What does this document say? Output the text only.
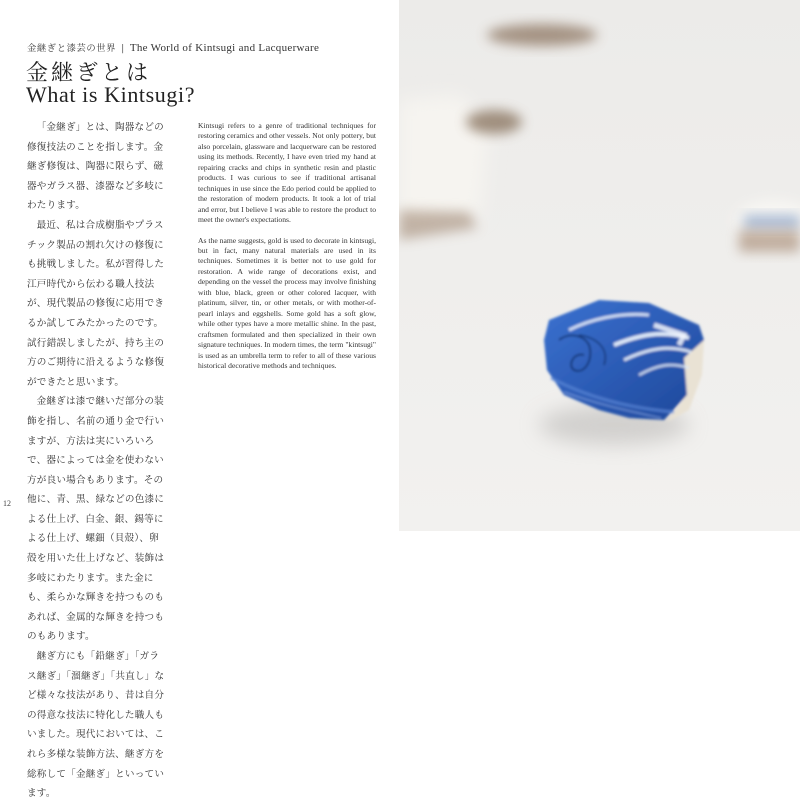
金継ぎと漆芸の世界 | The World of Kintsugi and Lacquerware
金継ぎとは
What is Kintsugi?

「金継ぎ」とは、陶器などの修復技法のことを指します。金継ぎ修復は、陶器に限らず、磁器やガラス器、漆器など多岐にわたります。

最近、私は合成樹脂やプラスチック製品の割れ欠けの修復にも挑戦しました。私が習得した江戸時代から伝わる職人技法が、現代製品の修復に応用できるか試してみたかったのです。試行錯誤しましたが、持ち主の方のご期待に沿えるような修復ができたと思います。

金継ぎは漆で継いだ部分の装飾を指し、名前の通り金で行いますが、方法は実にいろいろで、器によっては金を使わない方が良い場合もあります。その他に、青、黒、緑などの色漆による仕上げ、白金、銀、錫等による仕上げ、螺鈿（貝殻）、卵殻を用いた仕上げなど、装飾は多岐にわたります。また金にも、柔らかな輝きを持つものもあれば、金属的な輝きを持つものもあります。

継ぎ方にも「鉛継ぎ」「ガラス継ぎ」「溜継ぎ」「共直し」など様々な技法があり、昔は自分の得意な技法に特化した職人もいました。現代においては、これら多様な装飾方法、継ぎ方を総称して「金継ぎ」といっています。

Kintsugi refers to a genre of traditional techniques for restoring ceramics and other vessels. Not only pottery, but also porcelain, glassware and lacquerware can be restored using its methods. Recently, I have even tried my hand at repairing cracks and chips in synthetic resin and plastic products. I was curious to see if traditional artisanal techniques in use since the Edo period could be applied to the restoration of modern products. It took a lot of trial and error, but I believe I was able to restore the product to meet the owner's expectations.

As the name suggests, gold is used to decorate in kintsugi, but in fact, many natural materials are used in its techniques. Sometimes it is better not to use gold for restoration. A wide range of decorations exist, and depending on the vessel the process may involve finishing with blue, black, green or other colored lacquer, with platinum, silver, tin, or other metals, or with mother-of-pearl inlays and eggshells. Some gold has a soft glow, while other types have a more metallic shine. In the past, craftsmen formulated and then specialized in their own signature techniques. In modern times, the term "kintsugi" is used as an umbrella term to refer to all of these various historical decorative methods and techniques.

12
